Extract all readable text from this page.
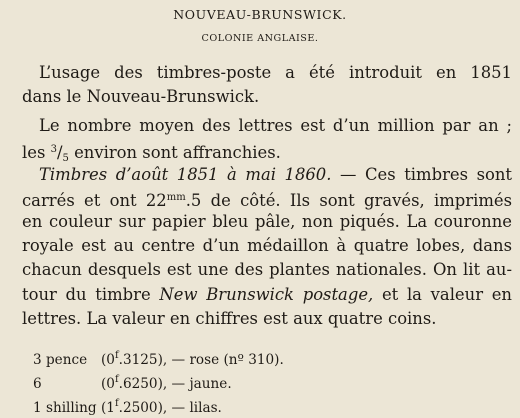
NOUVEAU-BRUNSWICK.
COLONIE ANGLAISE.
L’usage des timbres-poste a été introduit en 1851
dans le Nouveau-Brunswick.
Le nombre moyen des lettres est d’un million par an ;
les $^3/_5$ environ sont affranchies.
Timbres d’août 1851 à mai 1860. — Ces timbres sont
carrés et ont $22^{mm}.5$ de côté. Ils sont gravés, imprimés
en couleur sur papier bleu pâle, non piqués. La couronne
royale est au centre d’un médaillon à quatre lobes, dans
chacun desquels est une des plantes nationales. On lit au-
tour du timbre New Brunswick postage, et la valeur en
lettres. La valeur en chiffres est aux quatre coins.
3 pence (0$^f$.3125), — rose (nº 310).
6	(0$^f$.6250), — jaune.
1 shilling (1$^f$.2500), — lilas.
